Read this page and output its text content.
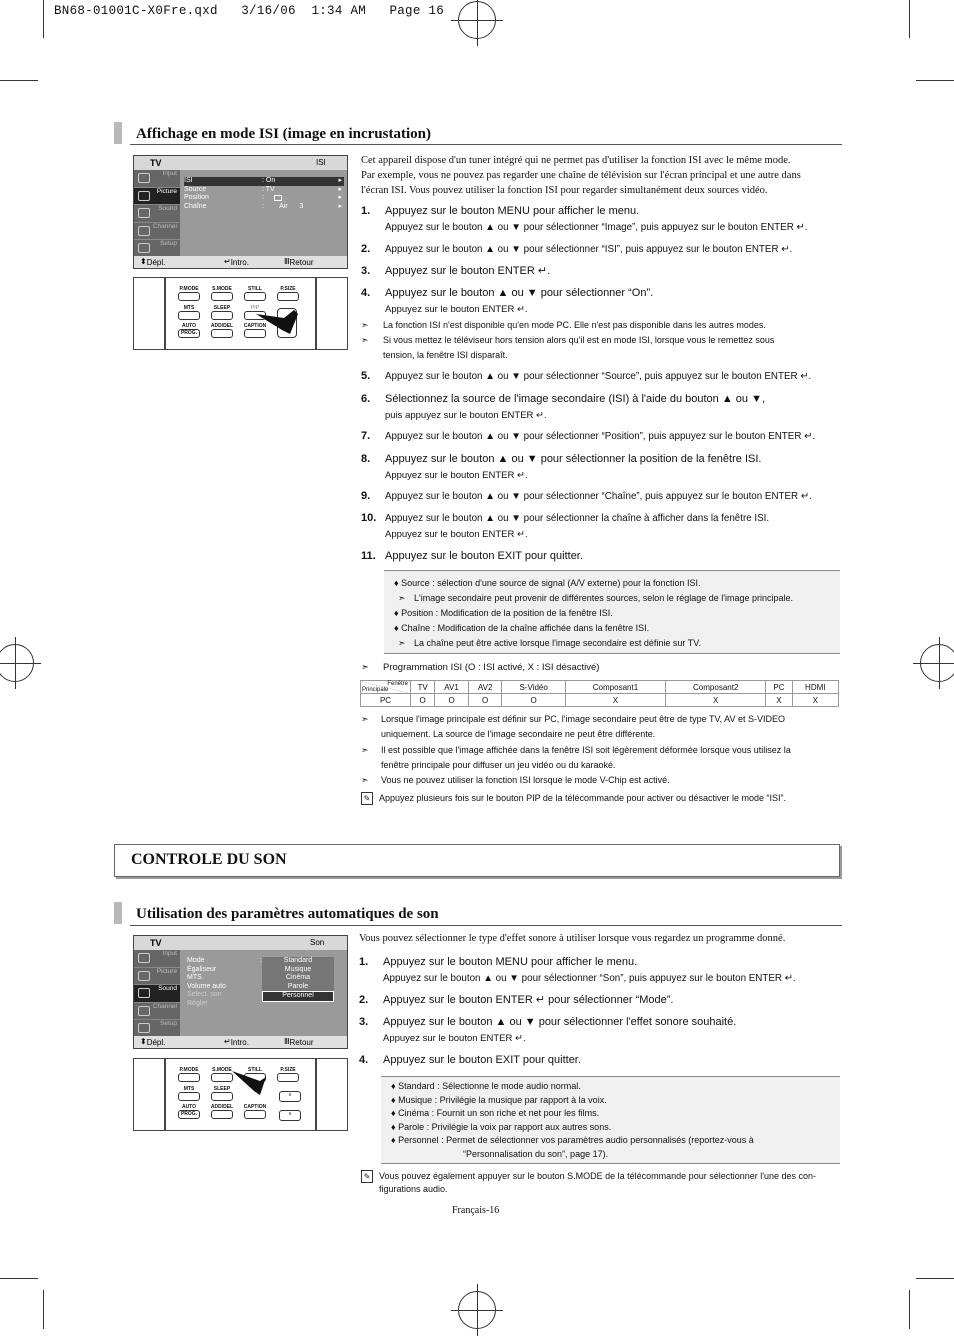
BN68-01001C-X0Fre.qxd   3/16/06  1:34 AM   Page 16
Affichage en mode ISI (image en incrustation)
Cet appareil dispose d'un tuner intégré qui ne permet pas d'utiliser la fonction ISI avec le même mode.
Par exemple, vous ne pouvez pas regarder une chaîne de télévision sur l'écran principal et une autre dans
l'écran ISI. Vous pouvez utiliser la fonction ISI pour regarder simultanément deux sources vidéo.
TV	ISI
Input
Picture
Sound
Channel
Setup
ISI	: On	▸
Source	: TV	▸
Position	:	▸
Chaîne	:        Air      3	▸
⬍ Dépl.	↵ Intro.	Ⅲ Retour
P.MODE	S.MODE	STILL	P.SIZE
MTS	SLEEP	PIP
AUTO PROG.
ADD/DEL	CAPTION
1. Appuyez sur le bouton MENU pour afficher le menu.
Appuyez sur le bouton ▲ ou ▼ pour sélectionner “Image”, puis appuyez sur le bouton ENTER ↵.
2. Appuyez sur le bouton ▲ ou ▼ pour sélectionner “ISI”, puis appuyez sur le bouton ENTER ↵.
3. Appuyez sur le bouton ENTER ↵.
4. Appuyez sur le bouton ▲ ou ▼ pour sélectionner “On”.
Appuyez sur le bouton ENTER ↵.
5. Appuyez sur le bouton ▲ ou ▼ pour sélectionner “Source”, puis appuyez sur le bouton ENTER ↵.
6. Sélectionnez la source de l'image secondaire (ISI) à l'aide du bouton ▲ ou ▼,
puis appuyez sur le bouton ENTER ↵.
7. Appuyez sur le bouton ▲ ou ▼ pour sélectionner “Position”, puis appuyez sur le bouton ENTER ↵.
8. Appuyez sur le bouton ▲ ou ▼ pour sélectionner la position de la fenêtre ISI.
Appuyez sur le bouton ENTER ↵.
9. Appuyez sur le bouton ▲ ou ▼ pour sélectionner “Chaîne”, puis appuyez sur le bouton ENTER ↵.
10. Appuyez sur le bouton ▲ ou ▼ pour sélectionner la chaîne à afficher dans la fenêtre ISI.
Appuyez sur le bouton ENTER ↵.
11. Appuyez sur le bouton EXIT pour quitter.
➣ La fonction ISI n'est disponible qu'en mode PC. Elle n'est pas disponible dans les autres modes.
➣ Si vous mettez le téléviseur hors tension alors qu'il est en mode ISI, lorsque vous le remettez sous
tension, la fenêtre ISI disparaît.
♦ Source : sélection d'une source de signal (A/V externe) pour la fonction ISI.
➣ L'image secondaire peut provenir de différentes sources, selon le réglage de l'image principale.
♦ Position : Modification de la position de la fenêtre ISI.
♦ Chaîne : Modification de la chaîne affichée dans la fenêtre ISI.
➣ La chaîne peut être active lorsque l'image secondaire est définie sur TV.
➣ Programmation ISI (O : ISI activé, X : ISI désactivé)
Fenêtre
Principale	TV	AV1	AV2	S-Vidéo	Composant1	Composant2	PC	HDMI
PC	O	O	O	O	X	X	X	X
➣ Lorsque l'image principale est définir sur PC, l'image secondaire peut être de type TV, AV et S-VIDEO
uniquement. La source de l'image secondaire ne peut être différente.
➣ Il est possible que l'image affichée dans la fenêtre ISI soit légèrement déformée lorsque vous utilisez la
fenêtre principale pour diffuser un jeu vidéo ou du karaoké.
➣ Vous ne pouvez utiliser la fonction ISI lorsque le mode V-Chip est activé.
✎ Appuyez plusieurs fois sur le bouton PIP de la télécommande pour activer ou désactiver le mode “ISI”.
CONTROLE DU SON
Utilisation des paramètres automatiques de son
Vous pouvez sélectionner le type d'effet sonore à utiliser lorsque vous regardez un programme donné.
TV	Son
Input
Picture
Sound
Channel
Setup
Mode
Égaliseur
MTS
Volume auto
Select. son
Régler
:	Standard
Musique
Cinéma
Parole
Personnel
⬍ Dépl.	↵ Intro.	Ⅲ Retour
P.MODE	S.MODE	STILL	P.SIZE
MTS	SLEEP
AUTO PROG.
ADD/DEL	CAPTION
∧
∨
1. Appuyez sur le bouton MENU pour afficher le menu.
Appuyez sur le bouton ▲ ou ▼ pour sélectionner “Son”, puis appuyez sur le bouton ENTER ↵.
2. Appuyez sur le bouton ENTER ↵ pour sélectionner “Mode”.
3. Appuyez sur le bouton ▲ ou ▼ pour sélectionner l'effet sonore souhaité.
Appuyez sur le bouton ENTER ↵.
4. Appuyez sur le bouton EXIT pour quitter.
♦ Standard : Sélectionne le mode audio normal.
♦ Musique : Privilégie la musique par rapport à la voix.
♦ Cinéma : Fournit un son riche et net pour les films.
♦ Parole : Privilégie la voix par rapport aux autres sons.
♦ Personnel : Permet de sélectionner vos paramètres audio personnalisés (reportez-vous à
“Personnalisation du son”, page 17).
✎ Vous pouvez également appuyer sur le bouton S.MODE de la télécommande pour sélectionner l'une des con-
figurations audio.
Français-16
